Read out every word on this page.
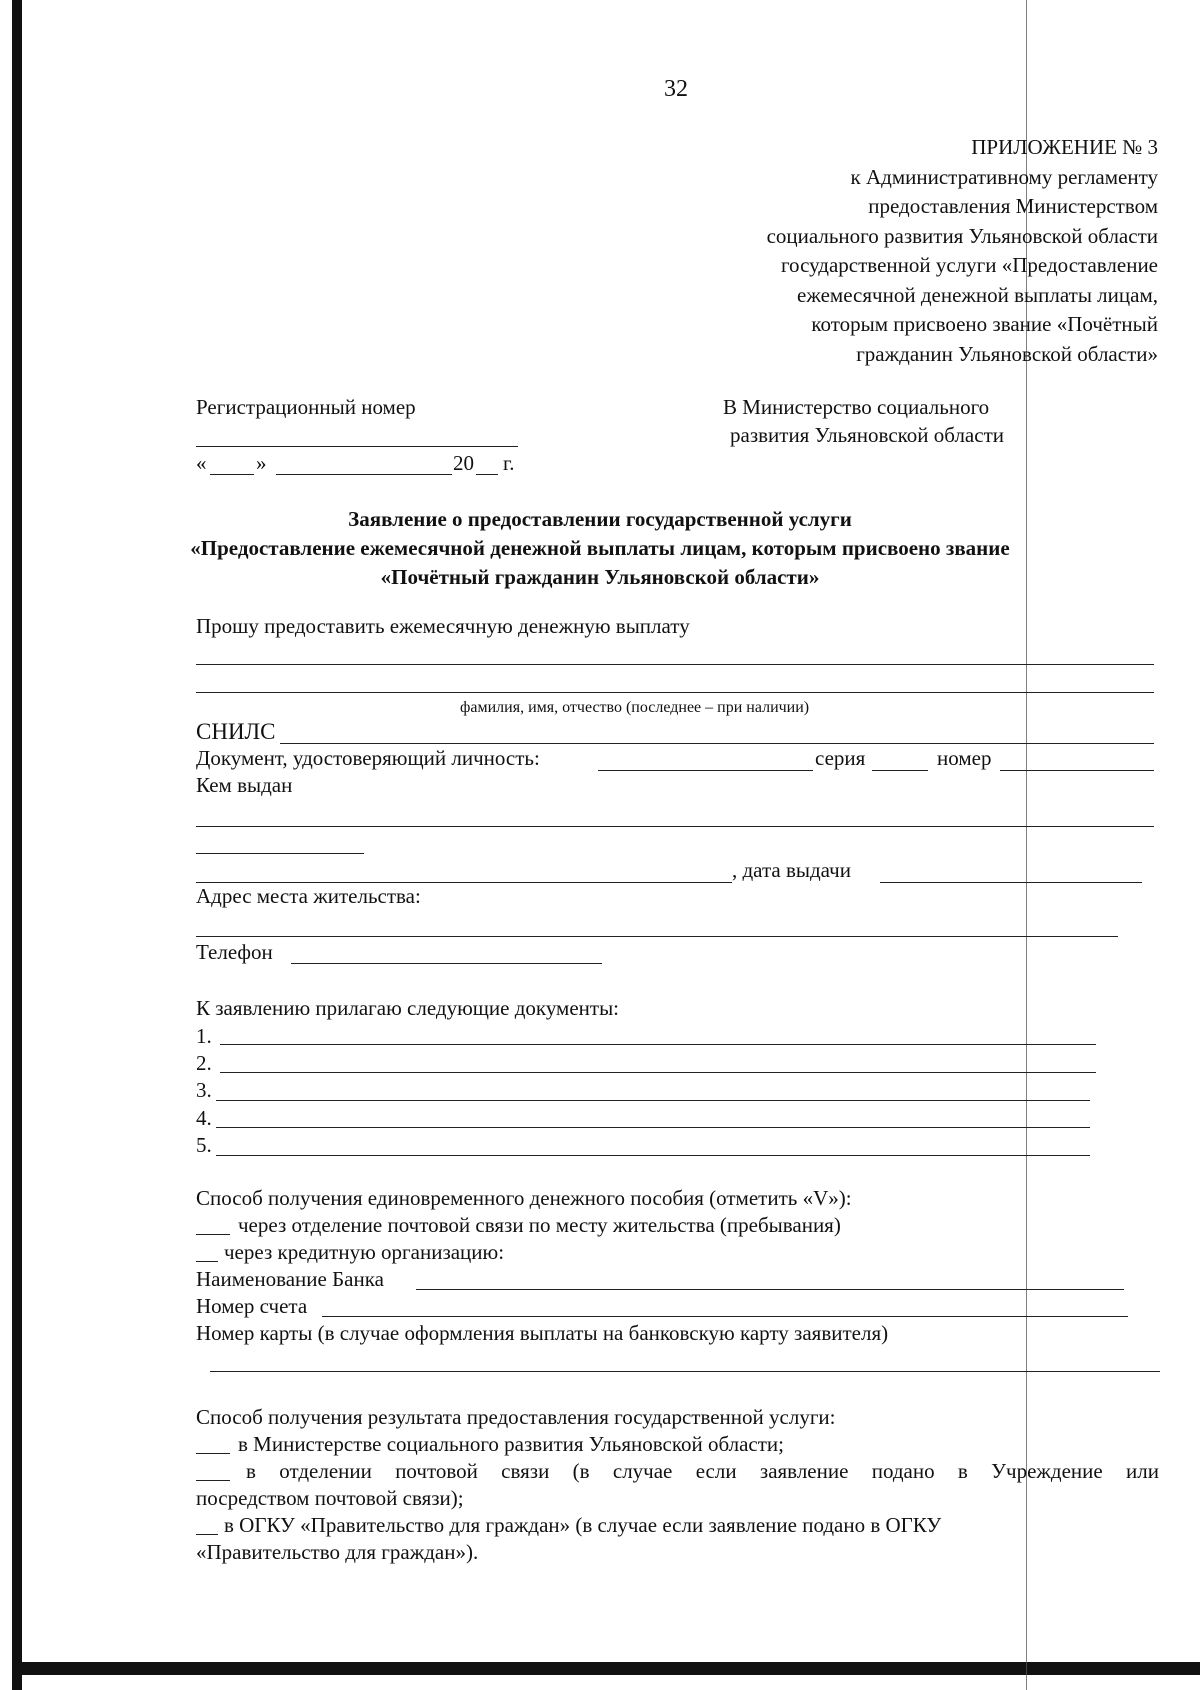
32
ПРИЛОЖЕНИЕ № 3
к Административному регламенту
предоставления Министерством
социального развития Ульяновской области
государственной услуги «Предоставление
ежемесячной денежной выплаты лицам,
которым присвоено звание «Почётный
гражданин Ульяновской области»
Регистрационный номер
« »	20 г.
В Министерство социального
развития Ульяновской области
Заявление о предоставлении государственной услуги
«Предоставление ежемесячной денежной выплаты лицам, которым присвоено звание
«Почётный гражданин Ульяновской области»
Прошу предоставить ежемесячную денежную выплату
фамилия, имя, отчество (последнее – при наличии)
СНИЛС
Документ, удостоверяющий личность:	серия	номер
Кем выдан
, дата выдачи
Адрес места жительства:
Телефон
К заявлению прилагаю следующие документы:
1.
2.
3.
4.
5.
Способ получения единовременного денежного пособия (отметить «V»):
через отделение почтовой связи по месту жительства (пребывания)
через кредитную организацию:
Наименование Банка
Номер счета
Номер карты (в случае оформления выплаты на банковскую карту заявителя)
Способ получения результата предоставления государственной услуги:
в Министерстве социального развития Ульяновской области;
в отделении почтовой связи (в случае если заявление подано в Учреждение или
посредством почтовой связи);
в ОГКУ «Правительство для граждан» (в случае если заявление подано в ОГКУ
«Правительство для граждан»).
